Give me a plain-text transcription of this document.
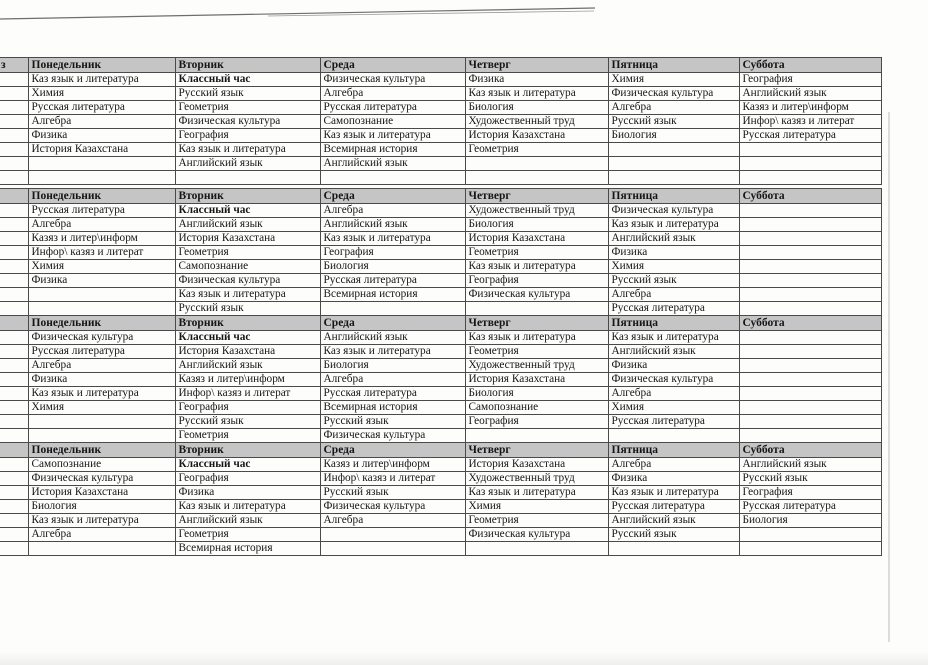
з	Понедельник	Вторник	Среда	Четверг	Пятница	Суббота
	Каз язык и литература	Классный час	Физическая культура	Физика	Химия	География
	Химия	Русский язык	Алгебра	Каз язык и литература	Физическая культура	Английский язык
	Русская литература	Геометрия	Русская литература	Биология	Алгебра	Казяз и литер\информ
	Алгебра	Физическая культура	Самопознание	Художественный труд	Русский язык	Инфор\ казяз и литерат
	Физика	География	Каз язык и литература	История Казахстана	Биология	Русская литература
	История Казахстана	Каз язык и литература	Всемирная история	Геометрия		
		Английский язык	Английский язык			

	Понедельник	Вторник	Среда	Четверг	Пятница	Суббота
	Русская литература	Классный час	Алгебра	Художественный труд	Физическая культура	
	Алгебра	Английский язык	Английский язык	Биология	Каз язык и литература	
	Казяз и литер\информ	История Казахстана	Каз язык и литература	История Казахстана	Английский язык	
	Инфор\ казяз и литерат	Геометрия	География	Геометрия	Физика	
	Химия	Самопознание	Биология	Каз язык и литература	Химия	
	Физика	Физическая культура	Русская литература	География	Русский язык	
		Каз язык и литература	Всемирная история	Физическая культура	Алгебра	
		Русский язык			Русская литература	
	Понедельник	Вторник	Среда	Четверг	Пятница	Суббота
	Физическая культура	Классный час	Английский язык	Каз язык и литература	Каз язык и литература	
	Русская литература	История Казахстана	Каз язык и литература	Геометрия	Английский язык	
	Алгебра	Английский язык	Биология	Художественный труд	Физика	
	Физика	Казяз и литер\информ	Алгебра	История Казахстана	Физическая культура	
	Каз язык и литература	Инфор\ казяз и литерат	Русская литература	Биология	Алгебра	
	Химия	География	Всемирная история	Самопознание	Химия	
		Русский язык	Русский язык	География	Русская литература	
		Геометрия	Физическая культура			
	Понедельник	Вторник	Среда	Четверг	Пятница	Суббота
	Самопознание	Классный час	Казяз и литер\информ	История Казахстана	Алгебра	Английский язык
	Физическая культура	География	Инфор\ казяз и литерат	Художественный труд	Физика	Русский язык
	История Казахстана	Физика	Русский язык	Каз язык и литература	Каз язык и литература	География
	Биология	Каз язык и литература	Физическая культура	Химия	Русская литература	Русская литература
	Каз язык и литература	Английский язык	Алгебра	Геометрия	Английский язык	Биология
	Алгебра	Геометрия		Физическая культура	Русский язык	
		Всемирная история				
